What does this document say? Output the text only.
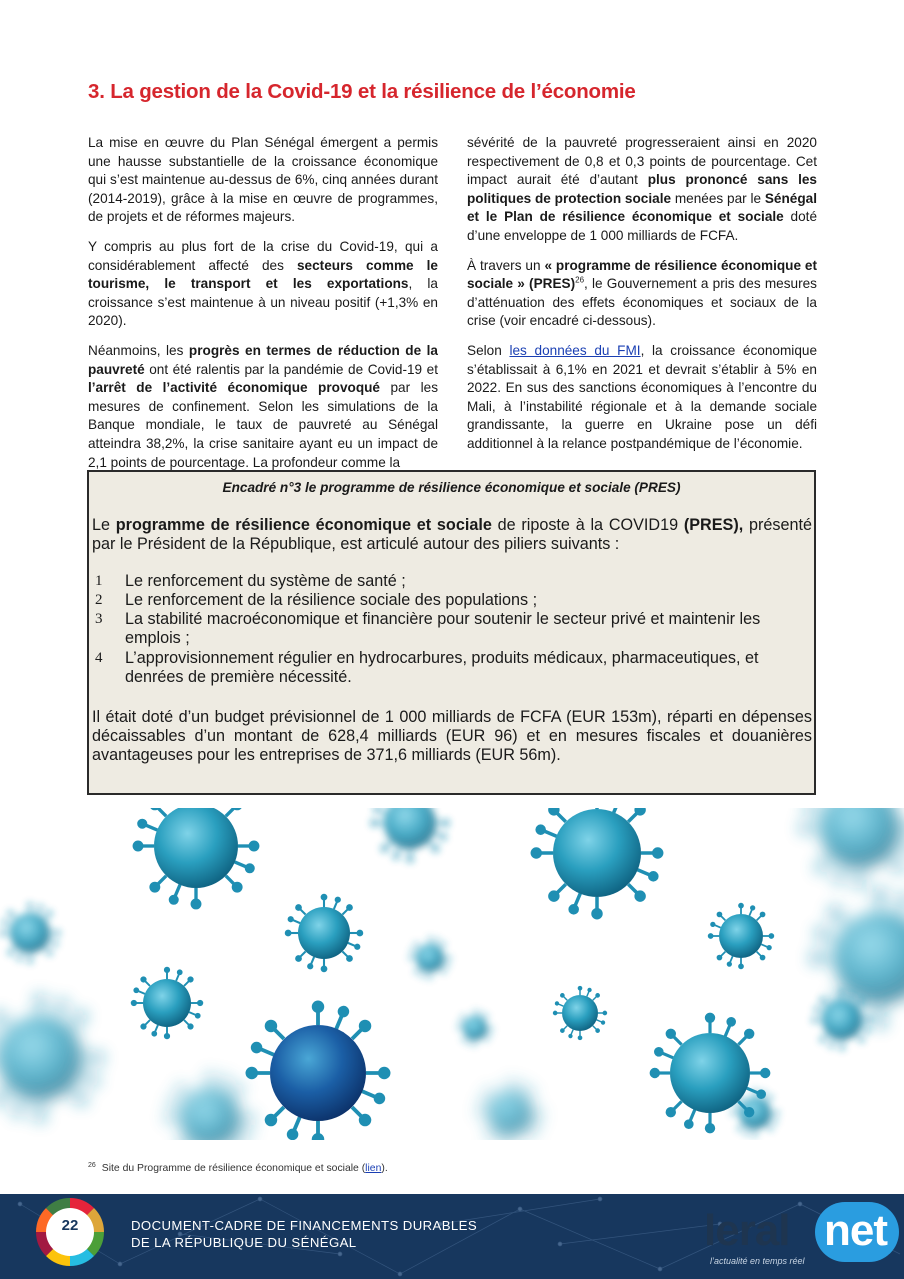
3. La gestion de la Covid-19 et la résilience de l’économie

La mise en œuvre du Plan Sénégal émergent a permis une hausse substantielle de la croissance économique qui s’est maintenue au-dessus de 6%, cinq années durant (2014-2019), grâce à la mise en œuvre de programmes, de projets et de réformes majeurs.

Y compris au plus fort de la crise du Covid-19, qui a considérablement affecté des secteurs comme le tourisme, le transport et les exportations, la croissance s’est maintenue à un niveau positif (+1,3% en 2020).

Néanmoins, les progrès en termes de réduction de la pauvreté ont été ralentis par la pandémie de Covid-19 et l’arrêt de l’activité économique provoqué par les mesures de confinement. Selon les simulations de la Banque mondiale, le taux de pauvreté au Sénégal atteindra 38,2%, la crise sanitaire ayant eu un impact de 2,1 points de pourcentage. La profondeur comme la

sévérité de la pauvreté progresseraient ainsi en 2020 respectivement de 0,8 et 0,3 points de pourcentage. Cet impact aurait été d’autant plus prononcé sans les politiques de protection sociale menées par le Sénégal et le Plan de résilience économique et sociale doté d’une enveloppe de 1 000 milliards de FCFA.

À travers un « programme de résilience économique et sociale » (PRES)$^{26}$, le Gouvernement a pris des mesures d’atténuation des effets économiques et sociaux de la crise (voir encadré ci-dessous).

Selon les données du FMI, la croissance économique s’établissait à 6,1% en 2021 et devrait s’établir à 5% en 2022. En sus des sanctions économiques à l’encontre du Mali, à l’instabilité régionale et à la demande sociale grandissante, la guerre en Ukraine pose un défi additionnel à la relance postpandémique de l’économie.

Encadré n°3 le programme de résilience économique et sociale (PRES)
Le programme de résilience économique et sociale de riposte à la COVID19 (PRES), présenté par le Président de la République, est articulé autour des piliers suivants :
1 Le renforcement du système de santé ;
2 Le renforcement de la résilience sociale des populations ;
3 La stabilité macroéconomique et financière pour soutenir le secteur privé et maintenir les emplois ;
4 L’approvisionnement régulier en hydrocarbures, produits médicaux, pharmaceutiques, et denrées de première nécessité.
Il était doté d’un budget prévisionnel de 1 000 milliards de FCFA (EUR 153m), réparti en dépenses décaissables d’un montant de 628,4 milliards (EUR 96) et en mesures fiscales et douanières avantageuses pour les entreprises de 371,6 milliards (EUR 56m).
$^{26}$ Site du Programme de résilience économique et sociale (lien).
22	DOCUMENT-CADRE DE FINANCEMENTS DURABLES
DE LA RÉPUBLIQUE DU SÉNÉGAL	leral net
l’actualité en temps réel
